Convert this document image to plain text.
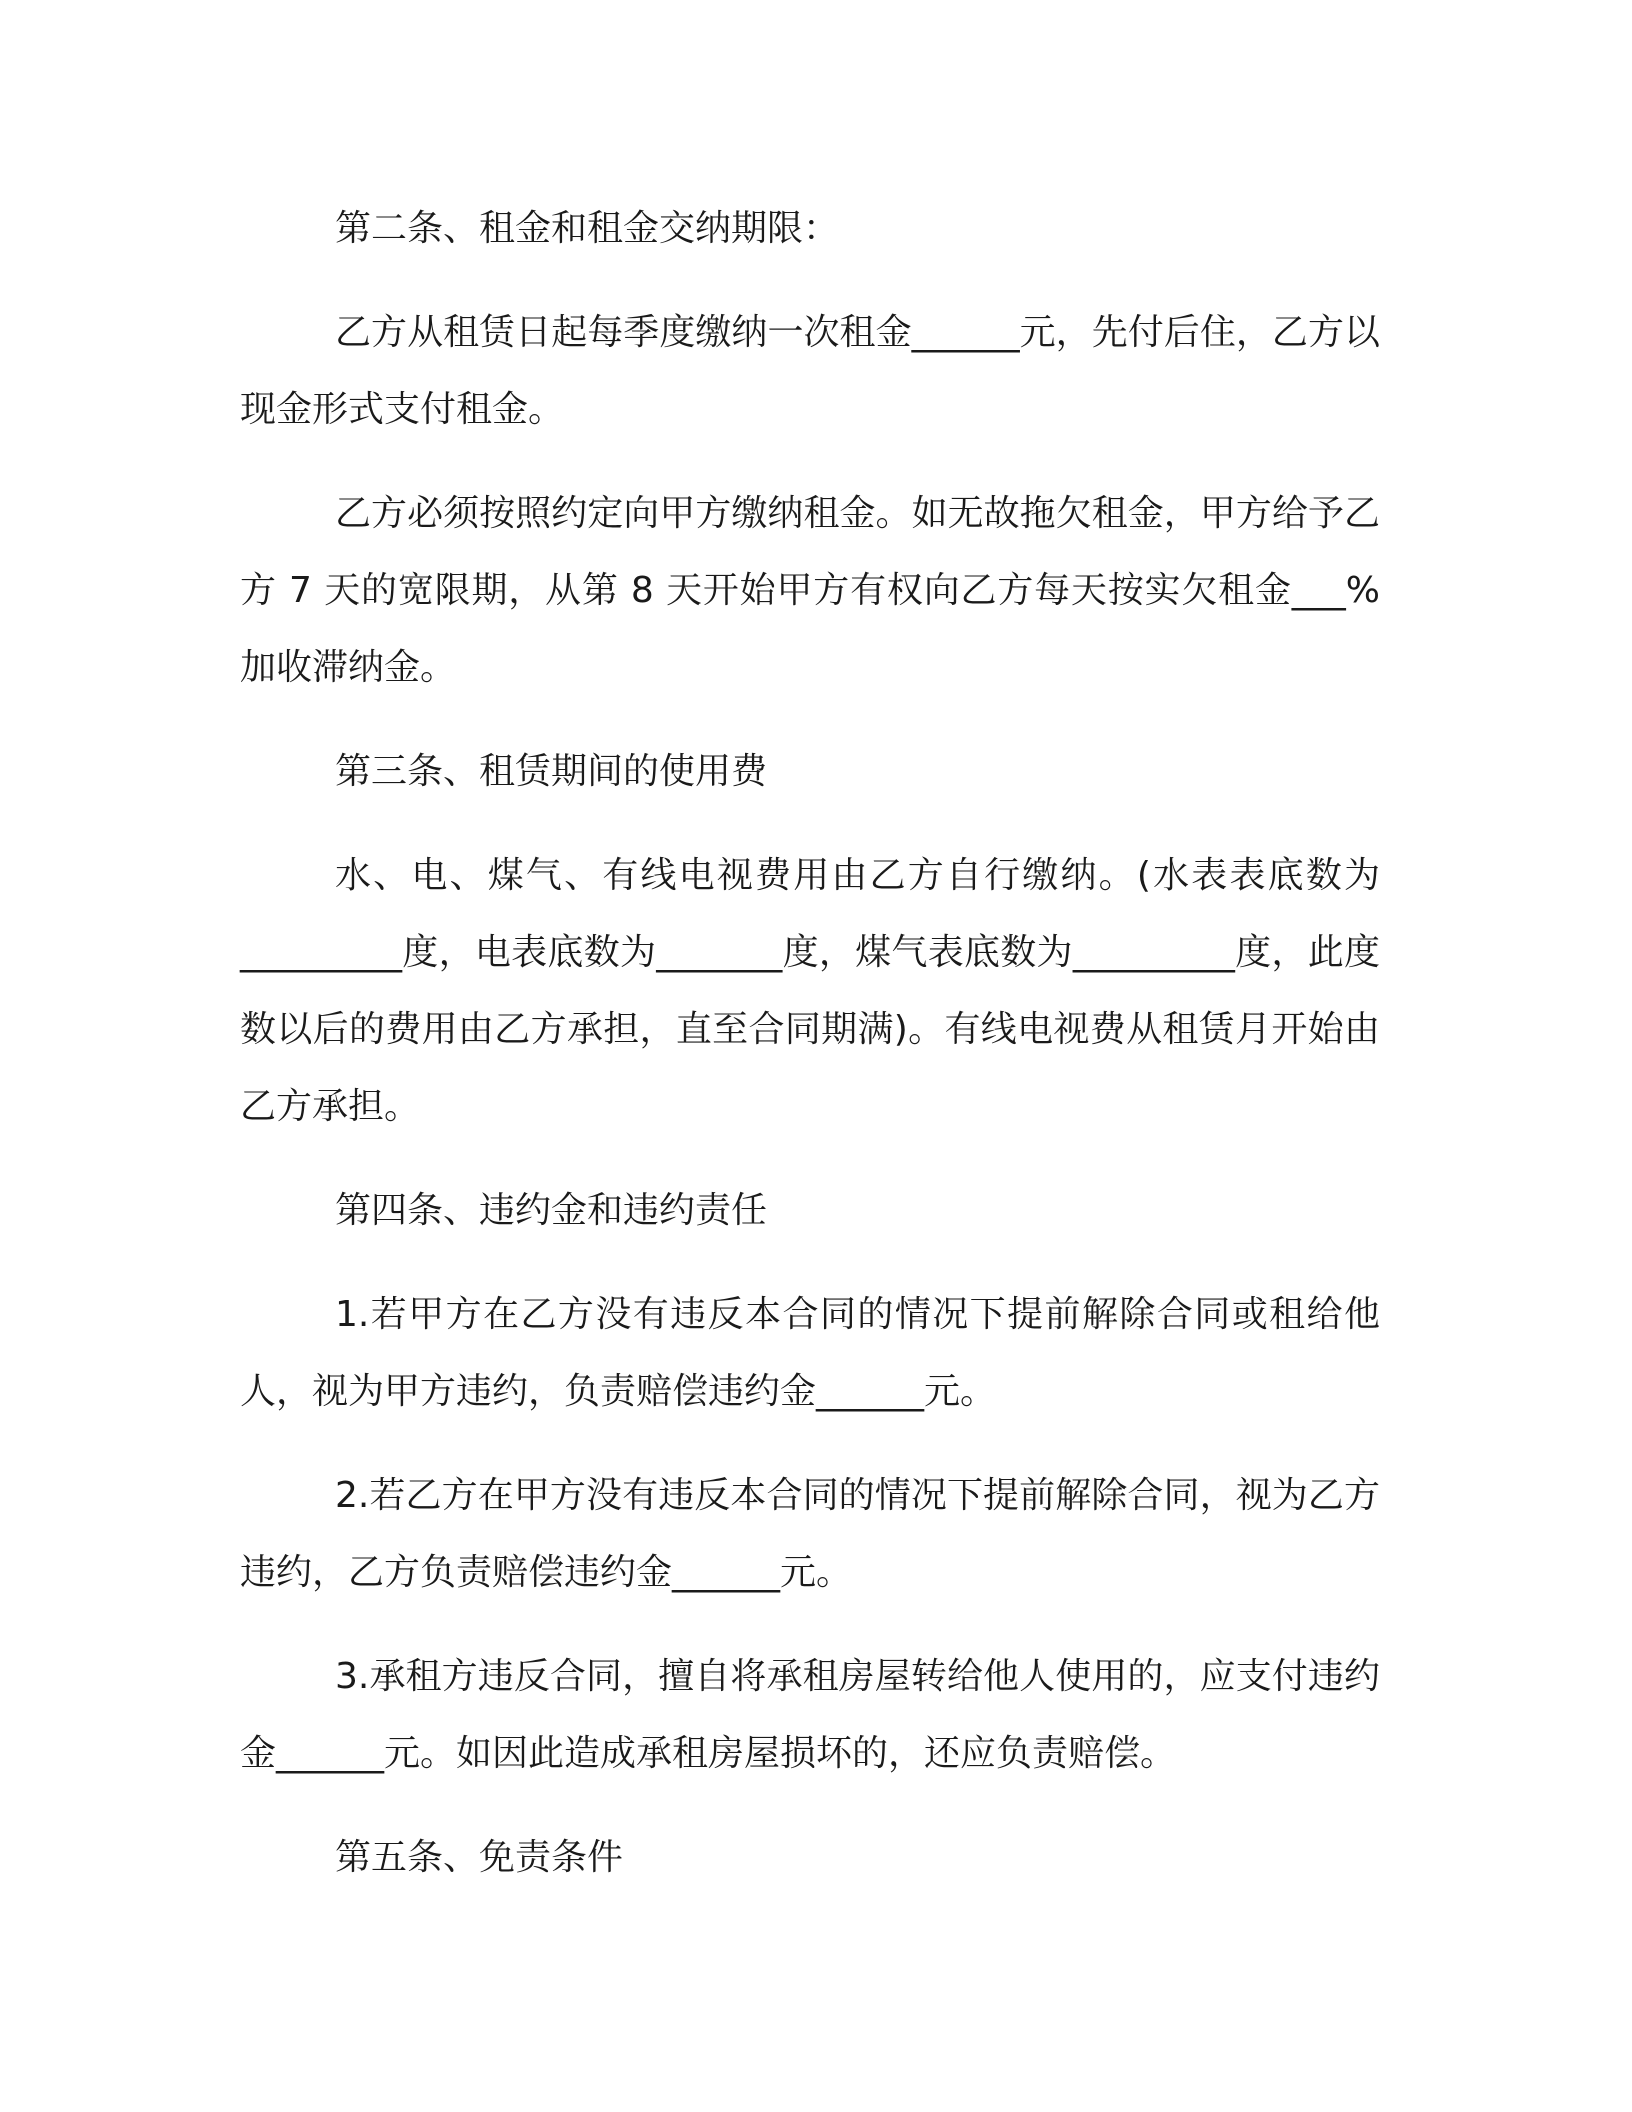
第二条、租金和租金交纳期限：

乙方从租赁日起每季度缴纳一次租金______元，先付后住，乙方以现金形式支付租金。

乙方必须按照约定向甲方缴纳租金。如无故拖欠租金，甲方给予乙方 7 天的宽限期，从第 8 天开始甲方有权向乙方每天按实欠租金___%加收滞纳金。

第三条、租赁期间的使用费

水、电、煤气、有线电视费用由乙方自行缴纳。(水表表底数为_________度，电表底数为_______度，煤气表底数为_________度，此度数以后的费用由乙方承担，直至合同期满)。有线电视费从租赁月开始由乙方承担。

第四条、违约金和违约责任

1.若甲方在乙方没有违反本合同的情况下提前解除合同或租给他人，视为甲方违约，负责赔偿违约金______元。

2.若乙方在甲方没有违反本合同的情况下提前解除合同，视为乙方违约，乙方负责赔偿违约金______元。

3.承租方违反合同，擅自将承租房屋转给他人使用的，应支付违约金______元。如因此造成承租房屋损坏的，还应负责赔偿。

第五条、免责条件
